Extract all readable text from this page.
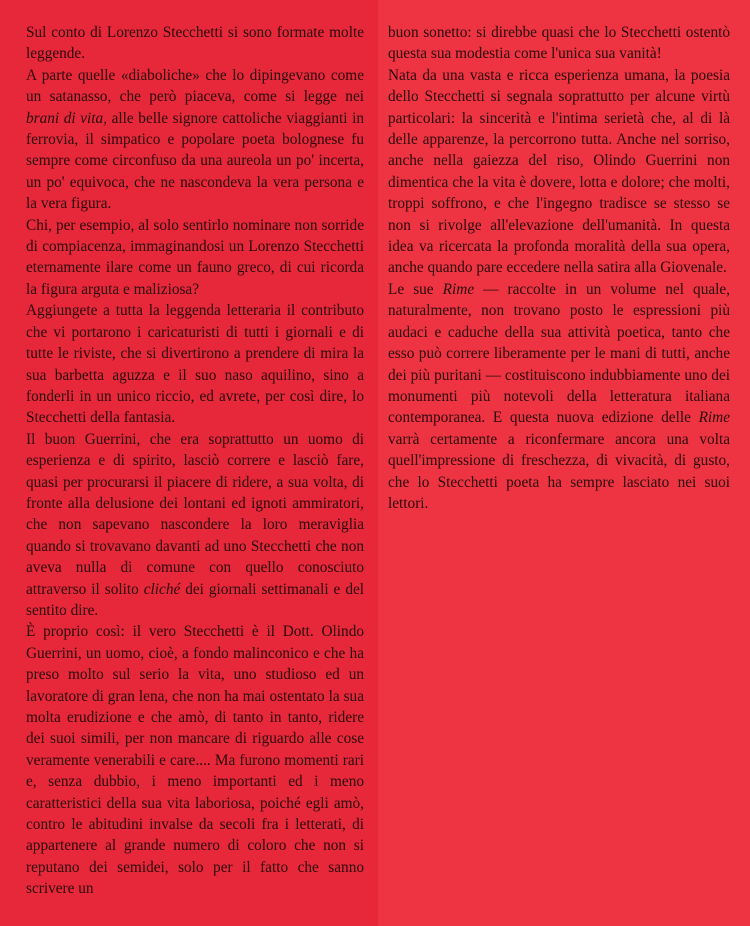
Sul conto di Lorenzo Stecchetti si sono formate molte leggende.

A parte quelle «diaboliche» che lo dipingevano come un satanasso, che però piaceva, come si legge nei brani di vita, alle belle signore cattoliche viaggianti in ferrovia, il simpatico e popolare poeta bolognese fu sempre come circonfuso da una aureola un po' incerta, un po' equivoca, che ne nascondeva la vera persona e la vera figura.

Chi, per esempio, al solo sentirlo nominare non sorride di compiacenza, immaginandosi un Lorenzo Stecchetti eternamente ilare come un fauno greco, di cui ricorda la figura arguta e maliziosa?

Aggiungete a tutta la leggenda letteraria il contributo che vi portarono i caricaturisti di tutti i giornali e di tutte le riviste, che si divertirono a prendere di mira la sua barbetta aguzza e il suo naso aquilino, sino a fonderli in un unico riccio, ed avrete, per così dire, lo Stecchetti della fantasia.

Il buon Guerrini, che era soprattutto un uomo di esperienza e di spirito, lasciò correre e lasciò fare, quasi per procurarsi il piacere di ridere, a sua volta, di fronte alla delusione dei lontani ed ignoti ammiratori, che non sapevano nascondere la loro meraviglia quando si trovavano davanti ad uno Stecchetti che non aveva nulla di comune con quello conosciuto attraverso il solito cliché dei giornali settimanali e del sentito dire.

È proprio così: il vero Stecchetti è il Dott. Olindo Guerrini, un uomo, cioè, a fondo malinconico e che ha preso molto sul serio la vita, uno studioso ed un lavoratore di gran lena, che non ha mai ostentato la sua molta erudizione e che amò, di tanto in tanto, ridere dei suoi simili, per non mancare di riguardo alle cose veramente venerabili e care.... Ma furono momenti rari e, senza dubbio, i meno importanti ed i meno caratteristici della sua vita laboriosa, poiché egli amò, contro le abitudini invalse da secoli fra i letterati, di appartenere al grande numero di coloro che non si reputano dei semidei, solo per il fatto che sanno scrivere un

buon sonetto: si direbbe quasi che lo Stecchetti ostentò questa sua modestia come l'unica sua vanità!

Nata da una vasta e ricca esperienza umana, la poesia dello Stecchetti si segnala soprattutto per alcune virtù particolari: la sincerità e l'intima serietà che, al di là delle apparenze, la percorrono tutta. Anche nel sorriso, anche nella gaiezza del riso, Olindo Guerrini non dimentica che la vita è dovere, lotta e dolore; che molti, troppi soffrono, e che l'ingegno tradisce se stesso se non si rivolge all'elevazione dell'umanità. In questa idea va ricercata la profonda moralità della sua opera, anche quando pare eccedere nella satira alla Giovenale.

Le sue Rime — raccolte in un volume nel quale, naturalmente, non trovano posto le espressioni più audaci e caduche della sua attività poetica, tanto che esso può correre liberamente per le mani di tutti, anche dei più puritani — costituiscono indubbiamente uno dei monumenti più notevoli della letteratura italiana contemporanea. E questa nuova edizione delle Rime varrà certamente a riconfermare ancora una volta quell'impressione di freschezza, di vivacità, di gusto, che lo Stecchetti poeta ha sempre lasciato nei suoi lettori.
